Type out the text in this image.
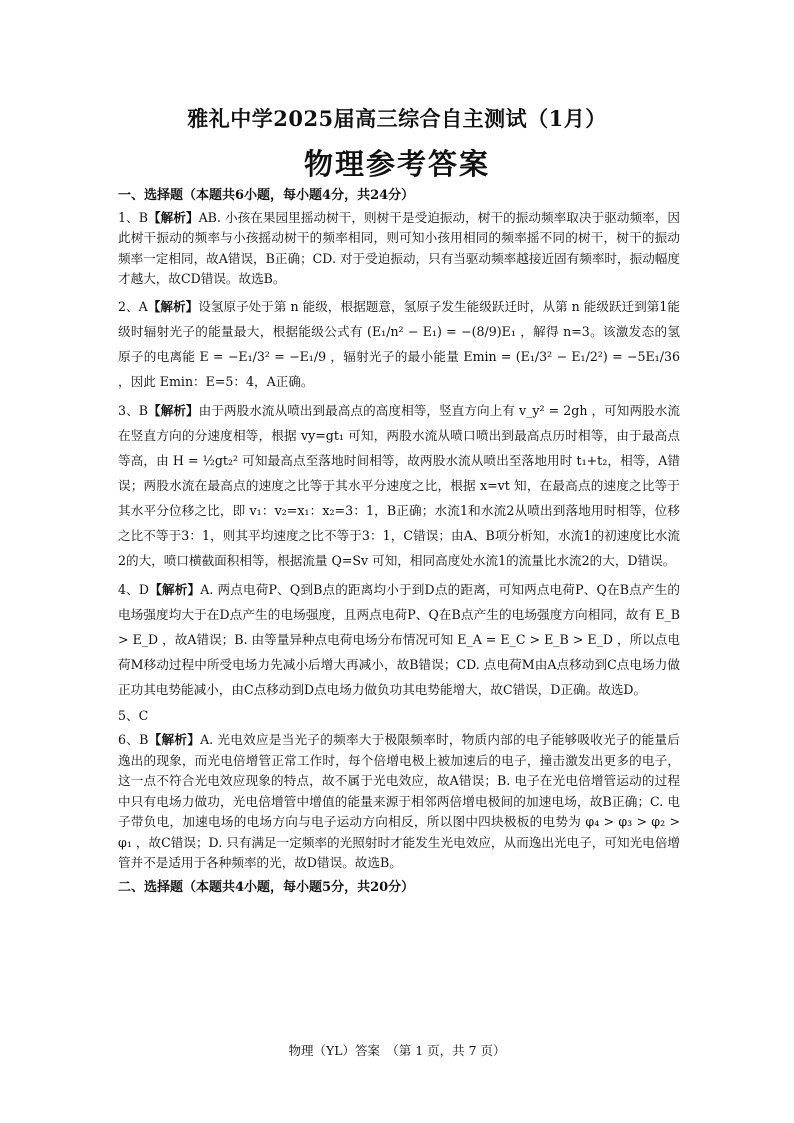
雅礼中学2025届高三综合自主测试（1月）
物理参考答案
一、选择题（本题共6小题，每小题4分，共24分）
1、B【解析】AB. 小孩在果园里摇动树干，则树干是受迫振动，树干的振动频率取决于驱动频率，因此树干振动的频率与小孩摇动树干的频率相同，则可知小孩用相同的频率摇不同的树干，树干的振动频率一定相同，故A错误，B正确；CD. 对于受迫振动，只有当驱动频率越接近固有频率时，振动幅度才越大，故CD错误。故选B。
2、A【解析】设氢原子处于第 n 能级，根据题意，氢原子发生能级跃迁时，从第 n 能级跃迁到第1能级时辐射光子的能量最大，根据能级公式有 (E₁/n² − E₁) = −(8/9)E₁ ，解得 n=3。该激发态的氢原子的电离能 E = −E₁/3² = −E₁/9 ，辐射光子的最小能量 Emin = (E₁/3² − E₁/2²) = −5E₁/36 ，因此 Emin：E=5：4，A正确。
3、B【解析】由于两股水流从喷出到最高点的高度相等，竖直方向上有 v_y² = 2gh ，可知两股水流在竖直方向的分速度相等，根据 vy=gt₁ 可知，两股水流从喷口喷出到最高点历时相等，由于最高点等高，由 H = ½gt₂² 可知最高点至落地时间相等，故两股水流从喷出至落地用时 t₁+t₂，相等，A错误；两股水流在最高点的速度之比等于其水平分速度之比，根据 x=vt 知，在最高点的速度之比等于其水平分位移之比，即 v₁：v₂=x₁：x₂=3：1，B正确；水流1和水流2从喷出到落地用时相等，位移之比不等于3：1，则其平均速度之比不等于3：1，C错误；由A、B项分析知，水流1的初速度比水流2的大，喷口横截面积相等，根据流量 Q=Sv 可知，相同高度处水流1的流量比水流2的大，D错误。
4、D【解析】A. 两点电荷P、Q到B点的距离均小于到D点的距离，可知两点电荷P、Q在B点产生的电场强度均大于在D点产生的电场强度，且两点电荷P、Q在B点产生的电场强度方向相同，故有 E_B > E_D ，故A错误；B. 由等量异种点电荷电场分布情况可知 E_A = E_C > E_B > E_D ，所以点电荷M移动过程中所受电场力先减小后增大再减小，故B错误；CD. 点电荷M由A点移动到C点电场力做正功其电势能减小，由C点移动到D点电场力做负功其电势能增大，故C错误，D正确。故选D。
5、C
6、B【解析】A. 光电效应是当光子的频率大于极限频率时，物质内部的电子能够吸收光子的能量后逸出的现象，而光电倍增管正常工作时，每个倍增电极上被加速后的电子，撞击激发出更多的电子，这一点不符合光电效应现象的特点，故不属于光电效应，故A错误；B. 电子在光电倍增管运动的过程中只有电场力做功，光电倍增管中增值的能量来源于相邻两倍增电极间的加速电场，故B正确；C. 电子带负电，加速电场的电场方向与电子运动方向相反，所以图中四块极板的电势为 φ₄ > φ₃ > φ₂ > φ₁ ，故C错误；D. 只有满足一定频率的光照射时才能发生光电效应，从而逸出光电子，可知光电倍增管并不是适用于各种频率的光，故D错误。故选B。
二、选择题（本题共4小题，每小题5分，共20分）
物理（YL）答案　（第 1 页，共 7 页）
